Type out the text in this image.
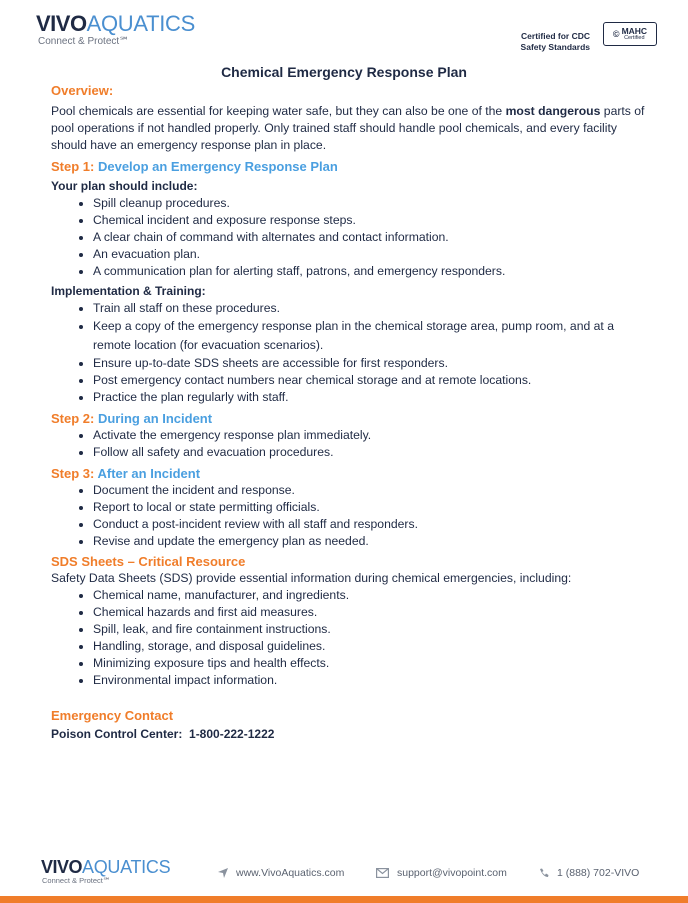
VIVOAQUATICS
Connect & Protect℠	Certified for CDC
Safety Standards
© MAHC
Certified
Chemical Emergency Response Plan

Overview:

Pool chemicals are essential for keeping water safe, but they can also be one of the most dangerous parts of pool operations if not handled properly. Only trained staff should handle pool chemicals, and every facility should have an emergency response plan in place.

Step 1: Develop an Emergency Response Plan

Your plan should include:

• Spill cleanup procedures.
• Chemical incident and exposure response steps.
• A clear chain of command with alternates and contact information.
• An evacuation plan.
• A communication plan for alerting staff, patrons, and emergency responders.

Implementation & Training:

• Train all staff on these procedures.
• Keep a copy of the emergency response plan in the chemical storage area, pump room, and at a remote location (for evacuation scenarios).
• Ensure up-to-date SDS sheets are accessible for first responders.
• Post emergency contact numbers near chemical storage and at remote locations.
• Practice the plan regularly with staff.

Step 2: During an Incident

• Activate the emergency response plan immediately.
• Follow all safety and evacuation procedures.

Step 3: After an Incident

• Document the incident and response.
• Report to local or state permitting officials.
• Conduct a post-incident review with all staff and responders.
• Revise and update the emergency plan as needed.

SDS Sheets – Critical Resource

Safety Data Sheets (SDS) provide essential information during chemical emergencies, including:

• Chemical name, manufacturer, and ingredients.
• Chemical hazards and first aid measures.
• Spill, leak, and fire containment instructions.
• Handling, storage, and disposal guidelines.
• Minimizing exposure tips and health effects.
• Environmental impact information.

Emergency Contact

Poison Control Center: 1-800-222-1222

VIVOAQUATICS
Connect & Protect℠
www.VivoAquatics.com	support@vivopoint.com	1 (888) 702-VIVO
